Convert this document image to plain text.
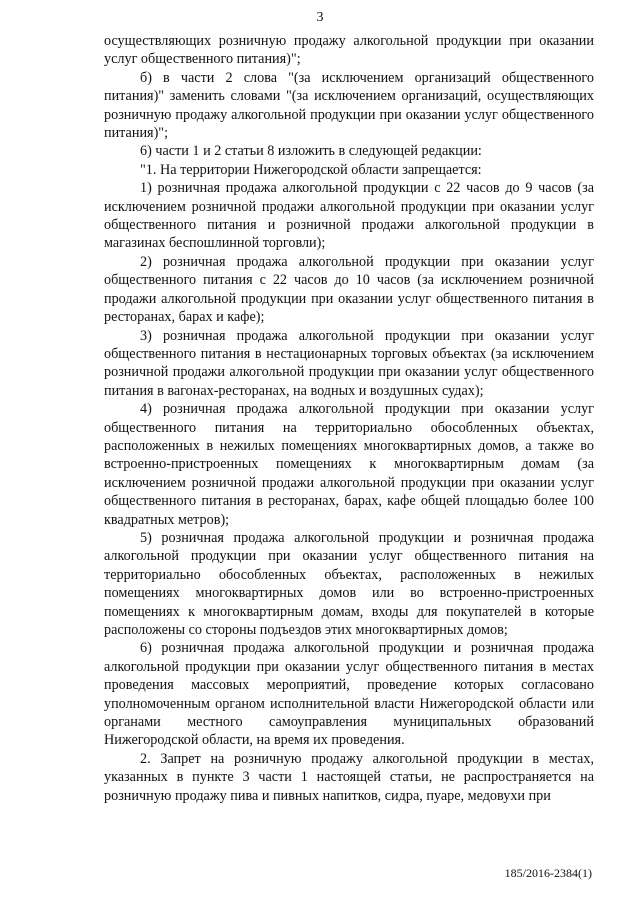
3

осуществляющих розничную продажу алкогольной продукции при оказании услуг общественного питания)";

б) в части 2 слова "(за исключением организаций общественного питания)" заменить словами "(за исключением организаций, осуществляющих розничную продажу алкогольной продукции при оказании услуг общественного питания)";

6) части 1 и 2 статьи 8 изложить в следующей редакции:

"1. На территории Нижегородской области запрещается:

1) розничная продажа алкогольной продукции с 22 часов до 9 часов (за исключением розничной продажи алкогольной продукции при оказании услуг общественного питания и розничной продажи алкогольной продукции в магазинах беспошлинной торговли);

2) розничная продажа алкогольной продукции при оказании услуг общественного питания с 22 часов до 10 часов (за исключением розничной продажи алкогольной продукции при оказании услуг общественного питания в ресторанах, барах и кафе);

3) розничная продажа алкогольной продукции при оказании услуг общественного питания в нестационарных торговых объектах (за исключением розничной продажи алкогольной продукции при оказании услуг общественного питания в вагонах-ресторанах, на водных и воздушных судах);

4) розничная продажа алкогольной продукции при оказании услуг общественного питания на территориально обособленных объектах, расположенных в нежилых помещениях многоквартирных домов, а также во встроенно-пристроенных помещениях к многоквартирным домам (за исключением розничной продажи алкогольной продукции при оказании услуг общественного питания в ресторанах, барах, кафе общей площадью более 100 квадратных метров);

5) розничная продажа алкогольной продукции и розничная продажа алкогольной продукции при оказании услуг общественного питания на территориально обособленных объектах, расположенных в нежилых помещениях многоквартирных домов или во встроенно-пристроенных помещениях к многоквартирным домам, входы для покупателей в которые расположены со стороны подъездов этих многоквартирных домов;

6) розничная продажа алкогольной продукции и розничная продажа алкогольной продукции при оказании услуг общественного питания в местах проведения массовых мероприятий, проведение которых согласовано уполномоченным органом исполнительной власти Нижегородской области или органами местного самоуправления муниципальных образований Нижегородской области, на время их проведения.

2. Запрет на розничную продажу алкогольной продукции в местах, указанных в пункте 3 части 1 настоящей статьи, не распространяется на розничную продажу пива и пивных напитков, сидра, пуаре, медовухи при

185/2016-2384(1)
